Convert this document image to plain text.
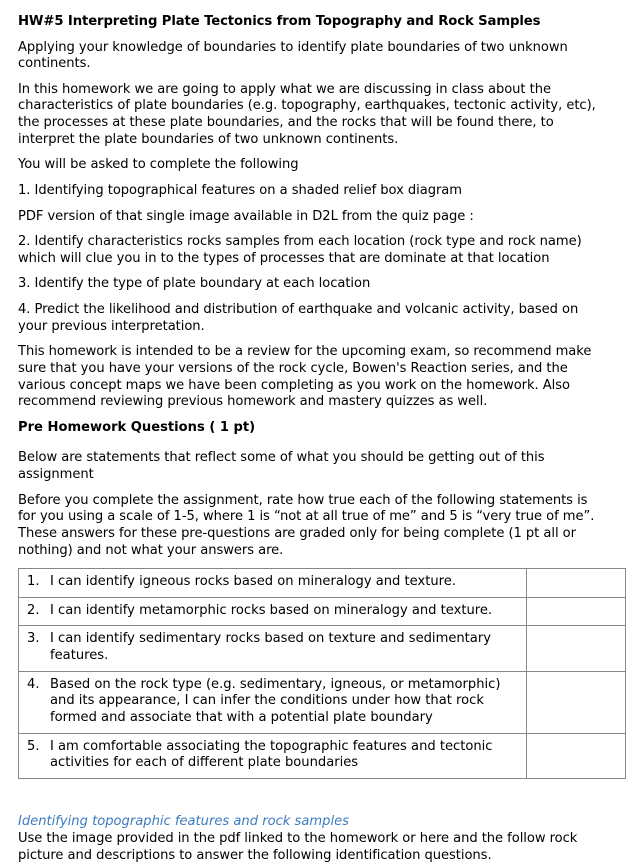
HW#5 Interpreting Plate Tectonics from Topography and Rock Samples

Applying your knowledge of boundaries to identify plate boundaries of two unknown continents.

In this homework we are going to apply what we are discussing in class about the characteristics of plate boundaries (e.g. topography, earthquakes, tectonic activity, etc), the processes at these plate boundaries, and the rocks that will be found there, to interpret the plate boundaries of two unknown continents.

You will be asked to complete the following

1. Identifying topographical features on a shaded relief box diagram

PDF version of that single image available in D2L from the quiz page :

2. Identify characteristics rocks samples from each location (rock type and rock name) which will clue you in to the types of processes that are dominate at that location

3. Identify the type of plate boundary at each location

4. Predict the likelihood and distribution of earthquake and volcanic activity, based on your previous interpretation.

This homework is intended to be a review for the upcoming exam, so recommend make sure that you have your versions of the rock cycle, Bowen's Reaction series, and the various concept maps we have been completing as you work on the homework. Also recommend reviewing previous homework and mastery quizzes as well.

Pre Homework Questions ( 1 pt)

Below are statements that reflect some of what you should be getting out of this assignment

Before you complete the assignment, rate how true each of the following statements is for you using a scale of 1-5, where 1 is “not at all true of me” and 5 is “very true of me”. These answers for these pre-questions are graded only for being complete (1 pt all or nothing) and not what your answers are.

1. I can identify igneous rocks based on mineralogy and texture.	

2. I can identify metamorphic rocks based on mineralogy and texture.	

3. I can identify sedimentary rocks based on texture and sedimentary features.	

4. Based on the rock type (e.g. sedimentary, igneous, or metamorphic) and its appearance, I can infer the conditions under how that rock formed and associate that with a potential plate boundary	

5. I am comfortable associating the topographic features and tectonic activities for each of different plate boundaries	

Identifying topographic features and rock samples

Use the image provided in the pdf linked to the homework or here and the follow rock picture and descriptions to answer the following identification questions.
